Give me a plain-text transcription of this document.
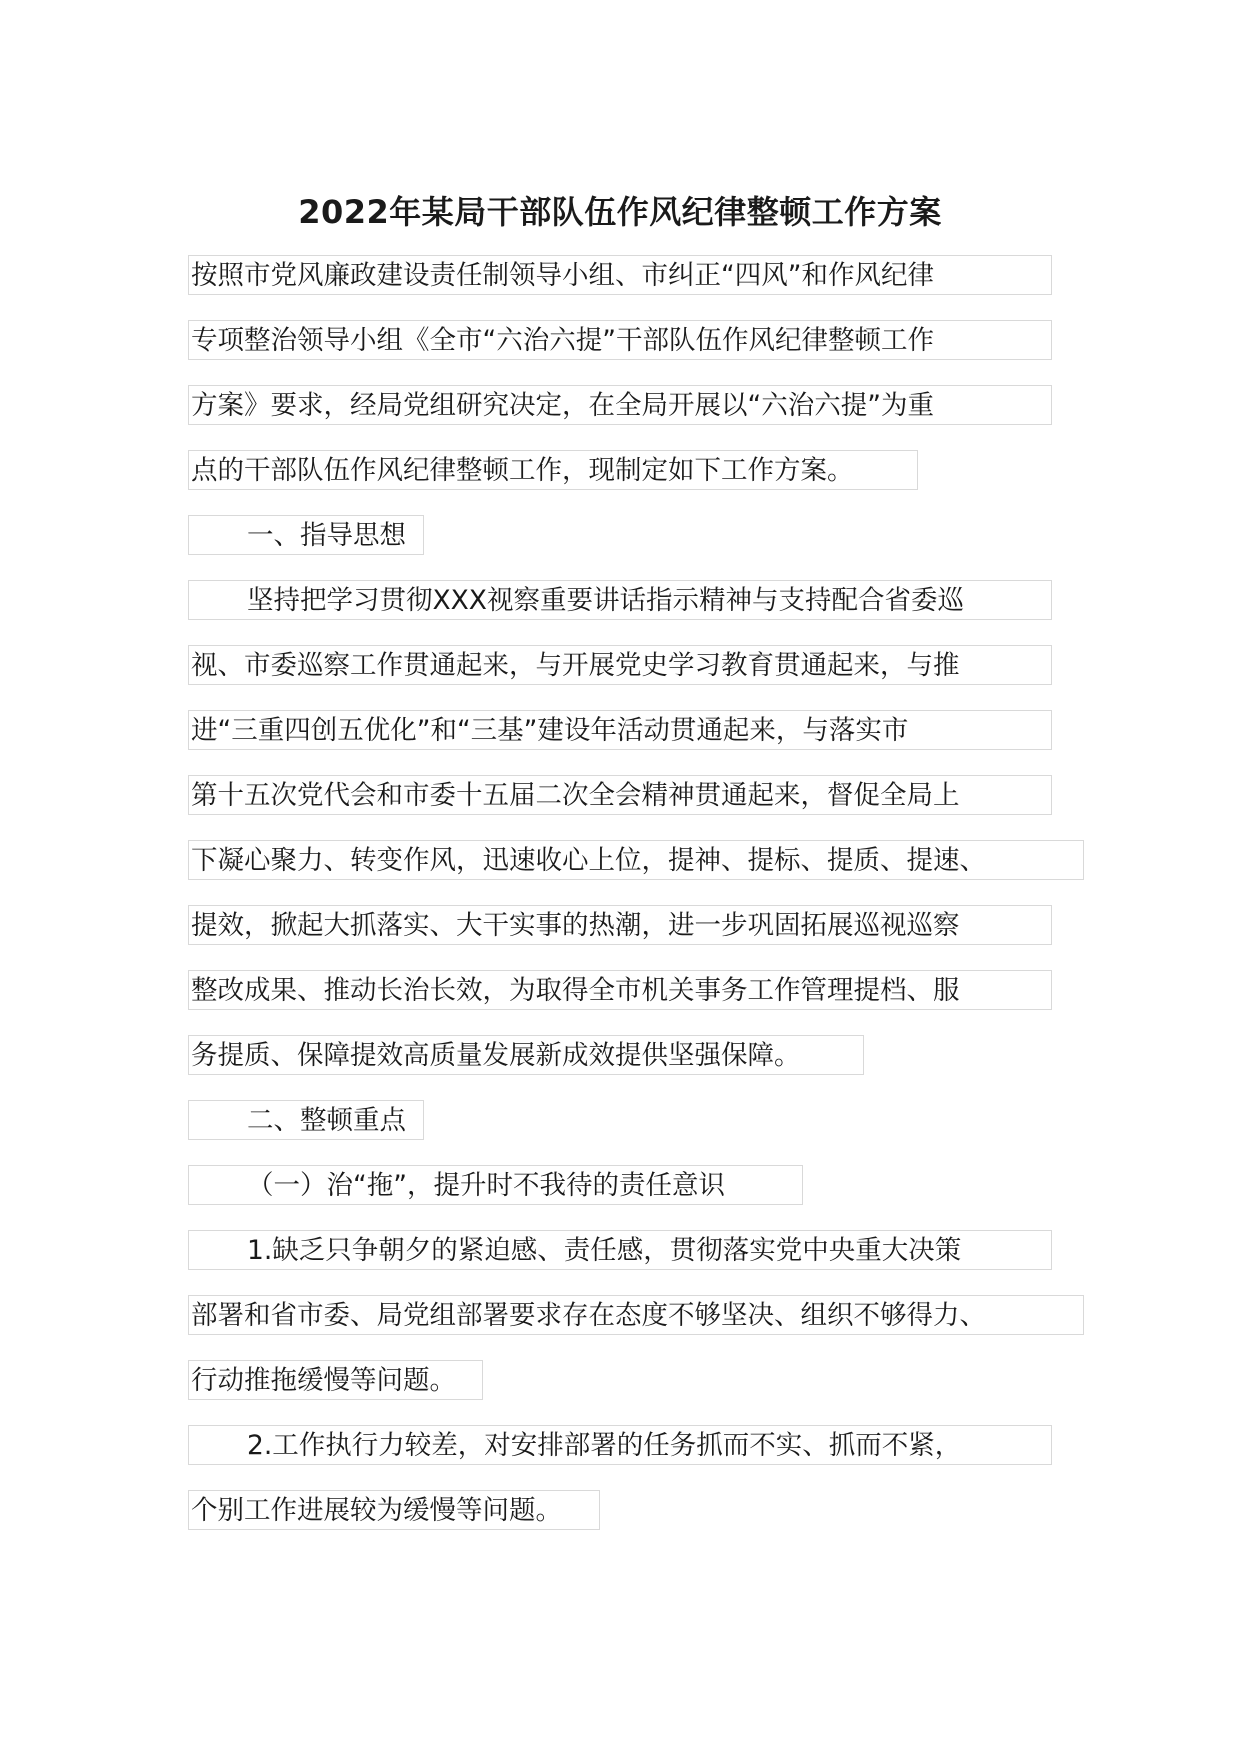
2022年某局干部队伍作风纪律整顿工作方案
按照市党风廉政建设责任制领导小组、市纠正“四风”和作风纪律
专项整治领导小组《全市“六治六提”干部队伍作风纪律整顿工作
方案》要求，经局党组研究决定，在全局开展以“六治六提”为重
点的干部队伍作风纪律整顿工作，现制定如下工作方案。
一、指导思想
坚持把学习贯彻XXX视察重要讲话指示精神与支持配合省委巡
视、市委巡察工作贯通起来，与开展党史学习教育贯通起来，与推
进“三重四创五优化”和“三基”建设年活动贯通起来，与落实市
第十五次党代会和市委十五届二次全会精神贯通起来，督促全局上
下凝心聚力、转变作风，迅速收心上位，提神、提标、提质、提速、
提效，掀起大抓落实、大干实事的热潮，进一步巩固拓展巡视巡察
整改成果、推动长治长效，为取得全市机关事务工作管理提档、服
务提质、保障提效高质量发展新成效提供坚强保障。
二、整顿重点
（一）治“拖”，提升时不我待的责任意识
1.缺乏只争朝夕的紧迫感、责任感，贯彻落实党中央重大决策
部署和省市委、局党组部署要求存在态度不够坚决、组织不够得力、
行动推拖缓慢等问题。
2.工作执行力较差，对安排部署的任务抓而不实、抓而不紧，
个别工作进展较为缓慢等问题。
